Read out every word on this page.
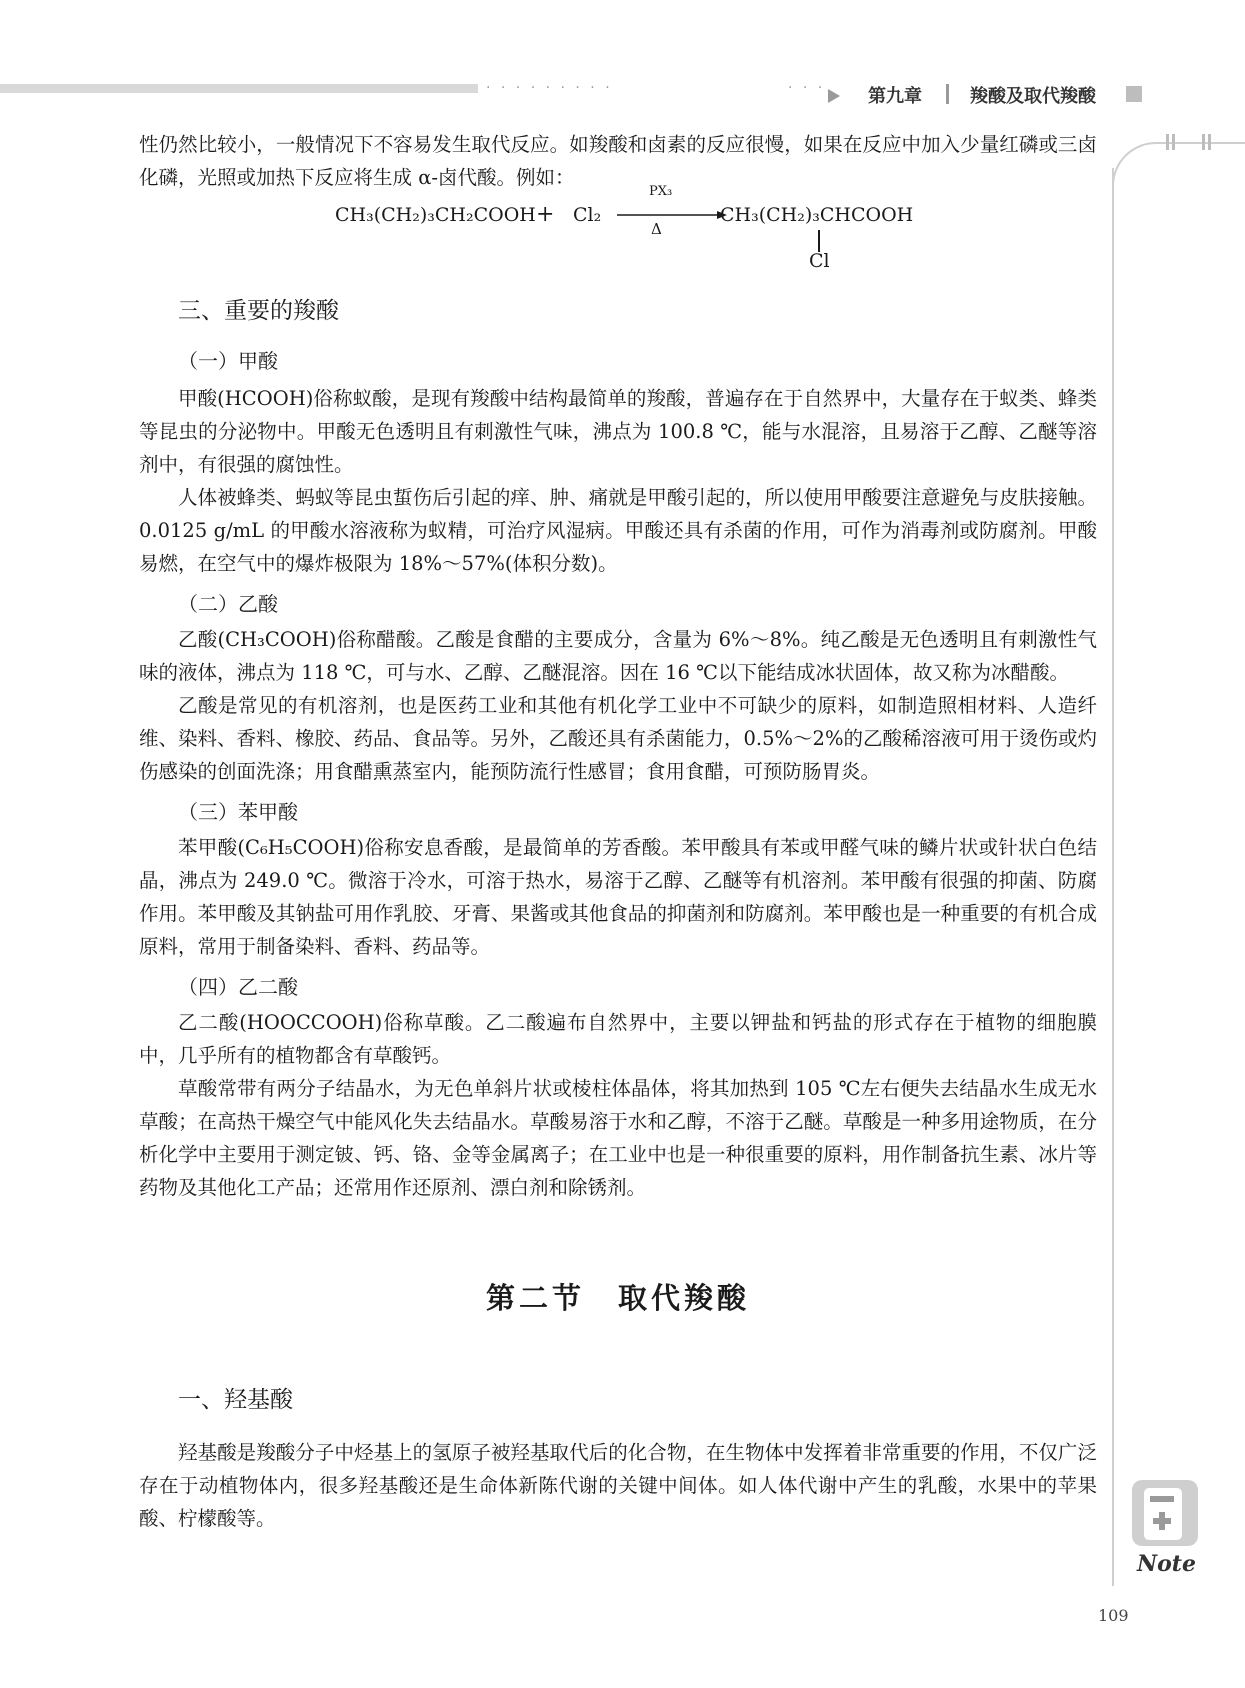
· · · · · · · · ·	· · · 第九章	羧酸及取代羧酸

性仍然比较小，一般情况下不容易发生取代反应。如羧酸和卤素的反应很慢，如果在反应中加入少量红磷或三卤化磷，光照或加热下反应将生成 α-卤代酸。例如：

CH₃(CH₂)₃CH₂COOH + Cl₂
PX₃
Δ
CH₃(CH₂)₃CHCOOH
Cl
三、重要的羧酸
（一）甲酸

甲酸(HCOOH)俗称蚁酸，是现有羧酸中结构最简单的羧酸，普遍存在于自然界中，大量存在于蚁类、蜂类等昆虫的分泌物中。甲酸无色透明且有刺激性气味，沸点为 100.8 ℃，能与水混溶，且易溶于乙醇、乙醚等溶剂中，有很强的腐蚀性。

人体被蜂类、蚂蚁等昆虫蜇伤后引起的痒、肿、痛就是甲酸引起的，所以使用甲酸要注意避免与皮肤接触。0.0125 g/mL 的甲酸水溶液称为蚁精，可治疗风湿病。甲酸还具有杀菌的作用，可作为消毒剂或防腐剂。甲酸易燃，在空气中的爆炸极限为 18%～57%(体积分数)。

（二）乙酸

乙酸(CH₃COOH)俗称醋酸。乙酸是食醋的主要成分，含量为 6%～8%。纯乙酸是无色透明且有刺激性气味的液体，沸点为 118 ℃，可与水、乙醇、乙醚混溶。因在 16 ℃以下能结成冰状固体，故又称为冰醋酸。

乙酸是常见的有机溶剂，也是医药工业和其他有机化学工业中不可缺少的原料，如制造照相材料、人造纤维、染料、香料、橡胶、药品、食品等。另外，乙酸还具有杀菌能力，0.5%～2%的乙酸稀溶液可用于烫伤或灼伤感染的创面洗涤；用食醋熏蒸室内，能预防流行性感冒；食用食醋，可预防肠胃炎。

（三）苯甲酸

苯甲酸(C₆H₅COOH)俗称安息香酸，是最简单的芳香酸。苯甲酸具有苯或甲醛气味的鳞片状或针状白色结晶，沸点为 249.0 ℃。微溶于冷水，可溶于热水，易溶于乙醇、乙醚等有机溶剂。苯甲酸有很强的抑菌、防腐作用。苯甲酸及其钠盐可用作乳胶、牙膏、果酱或其他食品的抑菌剂和防腐剂。苯甲酸也是一种重要的有机合成原料，常用于制备染料、香料、药品等。

（四）乙二酸

乙二酸(HOOCCOOH)俗称草酸。乙二酸遍布自然界中，主要以钾盐和钙盐的形式存在于植物的细胞膜中，几乎所有的植物都含有草酸钙。

草酸常带有两分子结晶水，为无色单斜片状或棱柱体晶体，将其加热到 105 ℃左右便失去结晶水生成无水草酸；在高热干燥空气中能风化失去结晶水。草酸易溶于水和乙醇，不溶于乙醚。草酸是一种多用途物质，在分析化学中主要用于测定铍、钙、铬、金等金属离子；在工业中也是一种很重要的原料，用作制备抗生素、冰片等药物及其他化工产品；还常用作还原剂、漂白剂和除锈剂。

第二节　取代羧酸
一、羟基酸

羟基酸是羧酸分子中烃基上的氢原子被羟基取代后的化合物，在生物体中发挥着非常重要的作用，不仅广泛存在于动植物体内，很多羟基酸还是生命体新陈代谢的关键中间体。如人体代谢中产生的乳酸，水果中的苹果酸、柠檬酸等。

Note
109
